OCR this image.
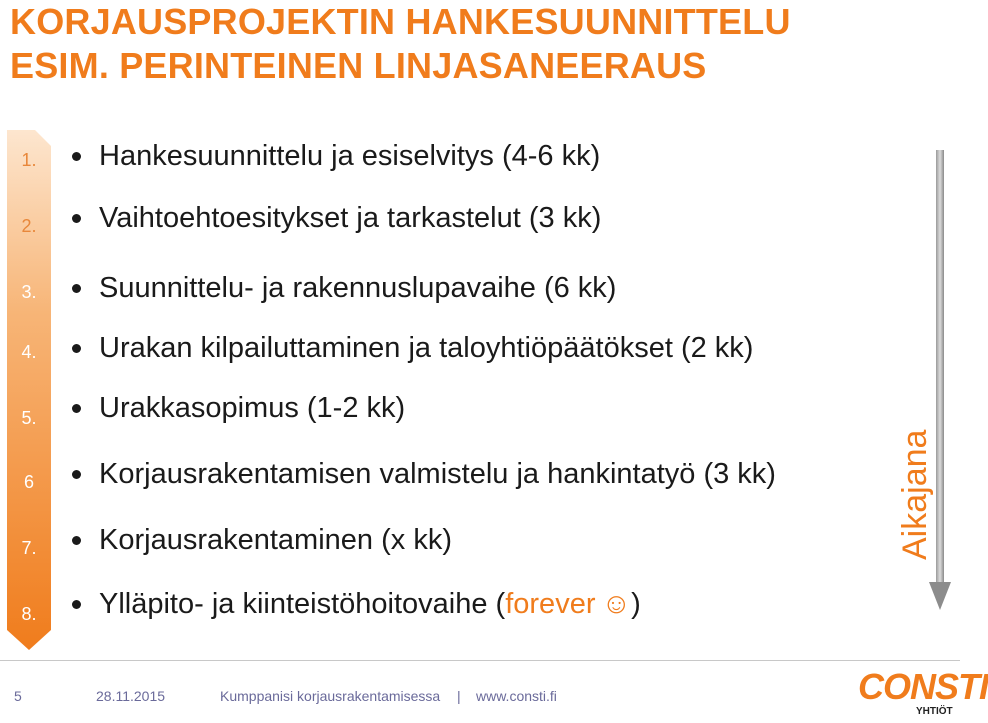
KORJAUSPROJEKTIN HANKESUUNNITTELU
ESIM. PERINTEINEN LINJASANEERAUS
1.
2.
3.
4.
5.
6
7.
8.
Hankesuunnittelu ja esiselvitys (4-6 kk)
Vaihtoehtoesitykset ja tarkastelut (3 kk)
Suunnittelu- ja rakennuslupavaihe (6 kk)
Urakan kilpailuttaminen ja taloyhtiöpäätökset (2 kk)
Urakkasopimus (1-2 kk)
Korjausrakentamisen valmistelu ja hankintatyö (3 kk)
Korjausrakentaminen (x kk)
Ylläpito- ja kiinteistöhoitovaihe ( forever ☺ )
Aikajana
5	28.11.2015	Kumppanisi korjausrakentamisessa | www.consti.fi	CONSTI
YHTIÖT
